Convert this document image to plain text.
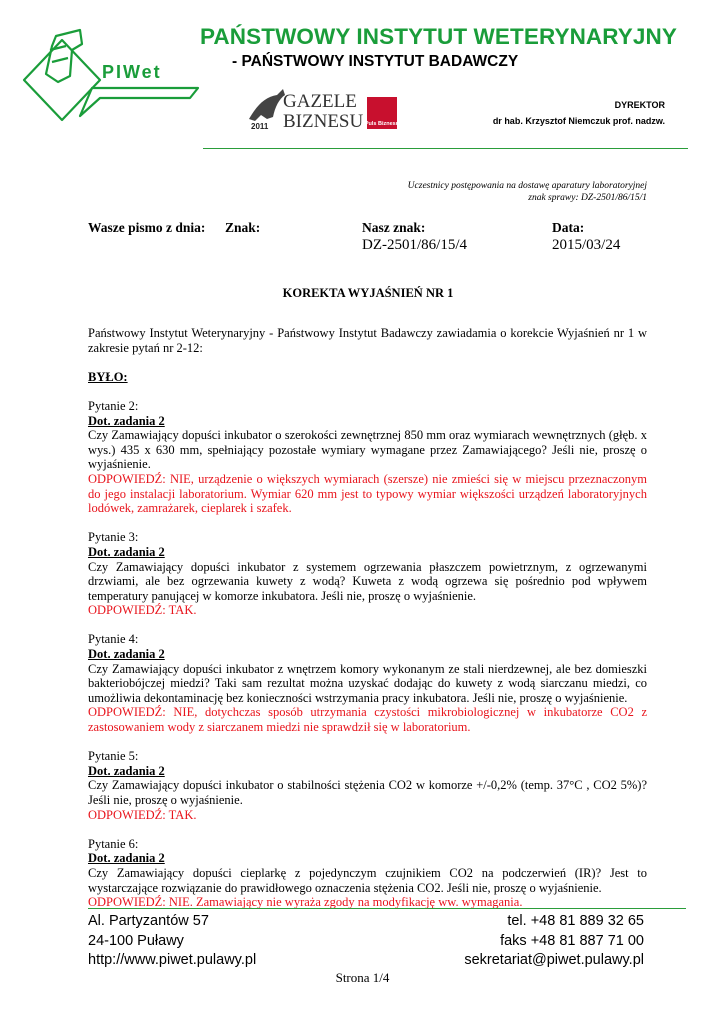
PIWet
PAŃSTWOWY INSTYTUT WETERYNARYJNY
- PAŃSTWOWY INSTYTUT BADAWCZY
2011
GAZELE
BIZNESU Puls Biznesu
DYREKTOR
dr hab. Krzysztof Niemczuk prof. nadzw.
Uczestnicy postępowania na dostawę aparatury laboratoryjnej
znak sprawy: DZ-2501/86/15/1
Wasze pismo z dnia: Znak:	Nasz znak:
DZ-2501/86/15/4
Data:
2015/03/24
KOREKTA WYJAŚNIEŃ NR 1

Państwowy Instytut Weterynaryjny - Państwowy Instytut Badawczy zawiadamia o korekcie Wyjaśnień nr 1 w zakresie pytań nr 2-12:

BYŁO:

Pytanie 2:

Dot. zadania 2

Czy Zamawiający dopuści inkubator o szerokości zewnętrznej 850 mm oraz wymiarach wewnętrznych (głęb. x wys.) 435 x 630 mm, spełniający pozostałe wymiary wymagane przez Zamawiającego? Jeśli nie, proszę o wyjaśnienie.

ODPOWIEDŹ: NIE, urządzenie o większych wymiarach (szersze) nie zmieści się w miejscu przeznaczonym do jego instalacji laboratorium. Wymiar 620 mm jest to typowy wymiar większości urządzeń laboratoryjnych lodówek, zamrażarek, cieplarek i szafek.

Pytanie 3:

Dot. zadania 2

Czy Zamawiający dopuści inkubator z systemem ogrzewania płaszczem powietrznym, z ogrzewanymi drzwiami, ale bez ogrzewania kuwety z wodą? Kuweta z wodą ogrzewa się pośrednio pod wpływem temperatury panującej w komorze inkubatora. Jeśli nie, proszę o wyjaśnienie.

ODPOWIEDŹ: TAK.

Pytanie 4:

Dot. zadania 2

Czy Zamawiający dopuści inkubator z wnętrzem komory wykonanym ze stali nierdzewnej, ale bez domieszki bakteriobójczej miedzi? Taki sam rezultat można uzyskać dodając do kuwety z wodą siarczanu miedzi, co umożliwia dekontaminację bez konieczności wstrzymania pracy inkubatora. Jeśli nie, proszę o wyjaśnienie.

ODPOWIEDŹ: NIE, dotychczas sposób utrzymania czystości mikrobiologicznej w inkubatorze CO2 z zastosowaniem wody z siarczanem miedzi nie sprawdził się w laboratorium.

Pytanie 5:

Dot. zadania 2

Czy Zamawiający dopuści inkubator o stabilności stężenia CO2 w komorze +/-0,2% (temp. 37°C , CO2 5%)? Jeśli nie, proszę o wyjaśnienie.

ODPOWIEDŹ: TAK.

Pytanie 6:

Dot. zadania 2

Czy Zamawiający dopuści cieplarkę z pojedynczym czujnikiem CO2 na podczerwień (IR)? Jest to wystarczające rozwiązanie do prawidłowego oznaczenia stężenia CO2. Jeśli nie, proszę o wyjaśnienie.

ODPOWIEDŹ: NIE. Zamawiający nie wyraża zgody na modyfikację ww. wymagania.

Al. Partyzantów 57
24-100 Puławy
http://www.piwet.pulawy.pl
tel. +48 81 889 32 65
faks +48 81 887 71 00
sekretariat@piwet.pulawy.pl
Strona 1/4
